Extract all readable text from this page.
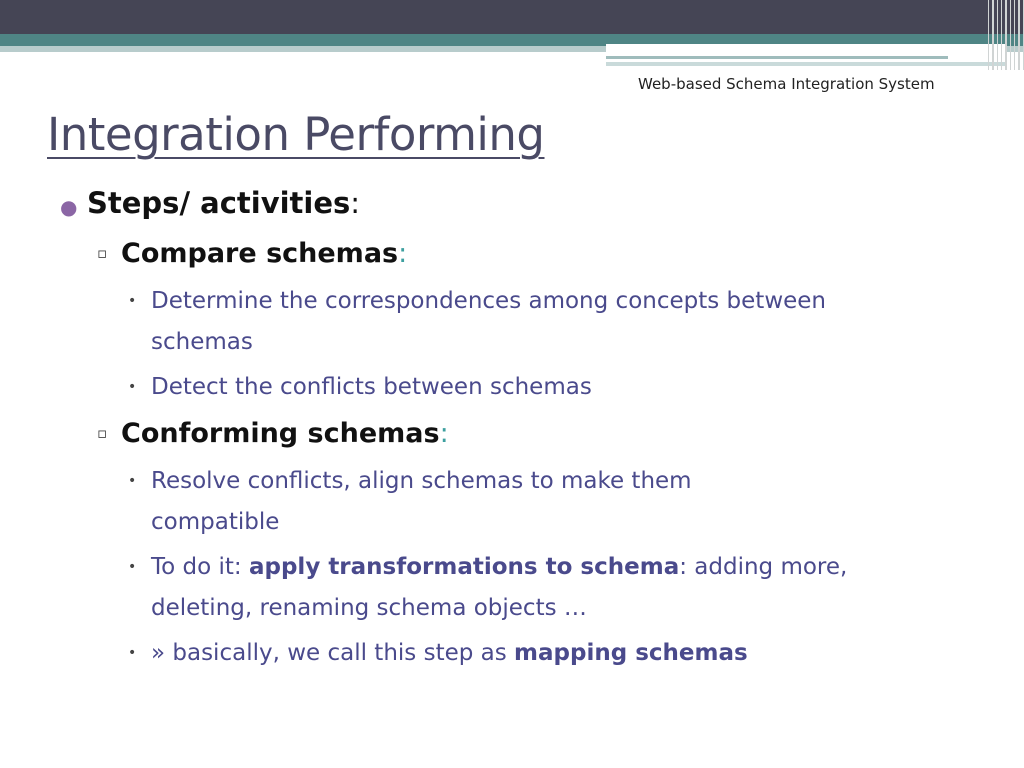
Web-based Schema Integration System
Integration Performing
● Steps/ activities:
▫ Compare schemas:
• Determine the correspondences among concepts between schemas
• Detect the conflicts between schemas
▫ Conforming schemas:
• Resolve conflicts, align schemas to make them compatible
• To do it: apply transformations to schema: adding more, deleting, renaming schema objects …
• » basically, we call this step as mapping schemas
